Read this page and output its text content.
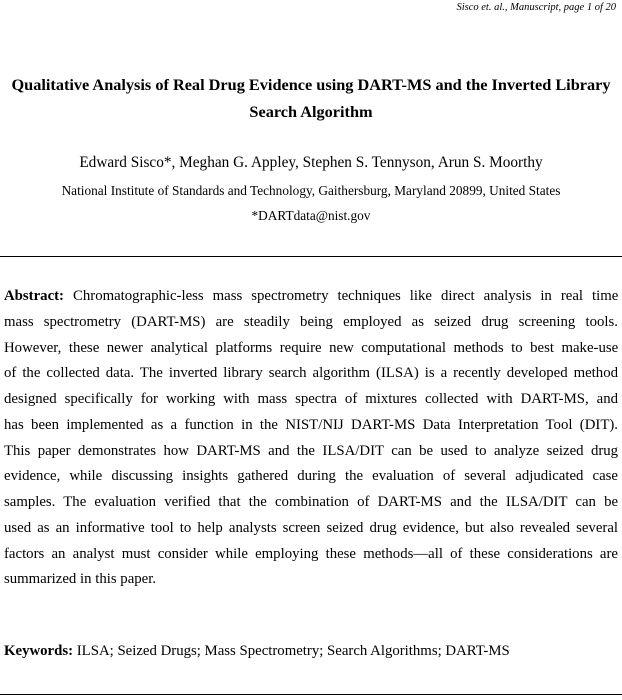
Sisco et. al., Manuscript, page 1 of 20
Qualitative Analysis of Real Drug Evidence using DART-MS and the Inverted Library
Search Algorithm
Edward Sisco*, Meghan G. Appley, Stephen S. Tennyson, Arun S. Moorthy
National Institute of Standards and Technology, Gaithersburg, Maryland 20899, United States
*DARTdata@nist.gov
Abstract: Chromatographic-less mass spectrometry techniques like direct analysis in real time
mass spectrometry (DART-MS) are steadily being employed as seized drug screening tools.
However, these newer analytical platforms require new computational methods to best make-use
of the collected data. The inverted library search algorithm (ILSA) is a recently developed method
designed specifically for working with mass spectra of mixtures collected with DART-MS, and
has been implemented as a function in the NIST/NIJ DART-MS Data Interpretation Tool (DIT).
This paper demonstrates how DART-MS and the ILSA/DIT can be used to analyze seized drug
evidence, while discussing insights gathered during the evaluation of several adjudicated case
samples. The evaluation verified that the combination of DART-MS and the ILSA/DIT can be
used as an informative tool to help analysts screen seized drug evidence, but also revealed several
factors an analyst must consider while employing these methods—all of these considerations are
summarized in this paper.
Keywords: ILSA; Seized Drugs; Mass Spectrometry; Search Algorithms; DART-MS
